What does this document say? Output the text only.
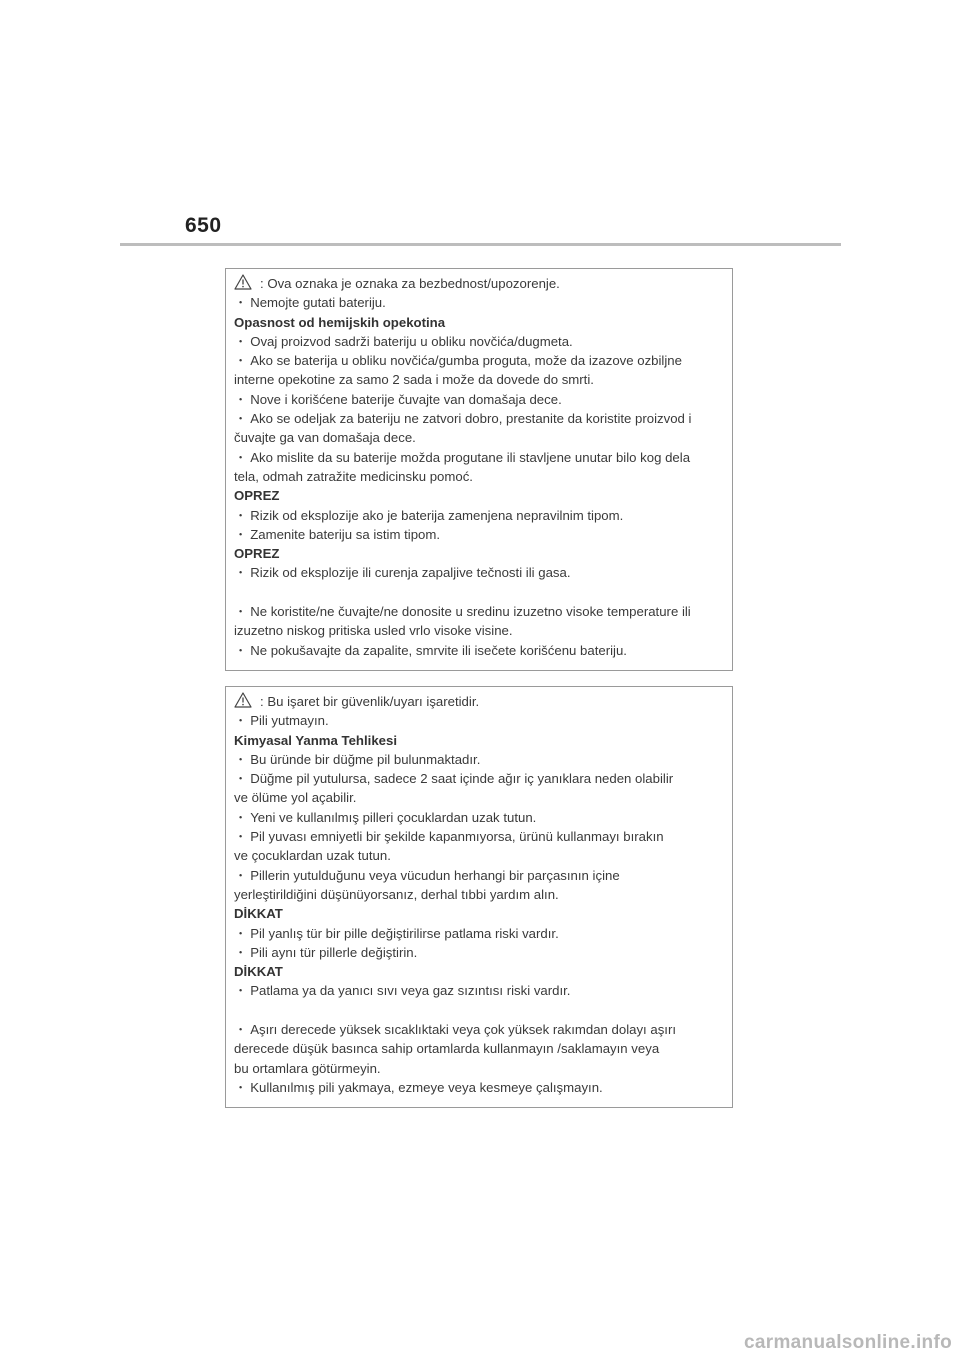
650
: Ova oznaka je oznaka za bezbednost/upozorenje.
・ Nemojte gutati bateriju.
Opasnost od hemijskih opekotina
・ Ovaj proizvod sadrži bateriju u obliku novčića/dugmeta.
・ Ako se baterija u obliku novčića/gumba proguta, može da izazove ozbiljne
interne opekotine za samo 2 sada i može da dovede do smrti.
・ Nove i korišćene baterije čuvajte van domašaja dece.
・ Ako se odeljak za bateriju ne zatvori dobro, prestanite da koristite proizvod i
čuvajte ga van domašaja dece.
・ Ako mislite da su baterije možda progutane ili stavljene unutar bilo kog dela
tela, odmah zatražite medicinsku pomoć.
OPREZ
・ Rizik od eksplozije ako je baterija zamenjena nepravilnim tipom.
・ Zamenite bateriju sa istim tipom.
OPREZ
・ Rizik od eksplozije ili curenja zapaljive tečnosti ili gasa.
・ Ne koristite/ne čuvajte/ne donosite u sredinu izuzetno visoke temperature ili
izuzetno niskog pritiska usled vrlo visoke visine.
・ Ne pokušavajte da zapalite, smrvite ili isečete korišćenu bateriju.
: Bu işaret bir güvenlik/uyarı işaretidir.
・ Pili yutmayın.
Kimyasal Yanma Tehlikesi
・ Bu üründe bir düğme pil bulunmaktadır.
・ Düğme pil yutulursa, sadece 2 saat içinde ağır iç yanıklara neden olabilir
ve ölüme yol açabilir.
・ Yeni ve kullanılmış pilleri çocuklardan uzak tutun.
・ Pil yuvası emniyetli bir şekilde kapanmıyorsa, ürünü kullanmayı bırakın
ve çocuklardan uzak tutun.
・ Pillerin yutulduğunu veya vücudun herhangi bir parçasının içine
yerleştirildiğini düşünüyorsanız, derhal tıbbi yardım alın.
DİKKAT
・ Pil yanlış tür bir pille değiştirilirse patlama riski vardır.
・ Pili aynı tür pillerle değiştirin.
DİKKAT
・ Patlama ya da yanıcı sıvı veya gaz sızıntısı riski vardır.
・ Aşırı derecede yüksek sıcaklıktaki veya çok yüksek rakımdan dolayı aşırı
derecede düşük basınca sahip ortamlarda kullanmayın /saklamayın veya
bu ortamlara götürmeyin.
・ Kullanılmış pili yakmaya, ezmeye veya kesmeye çalışmayın.
carmanualsonline.info
